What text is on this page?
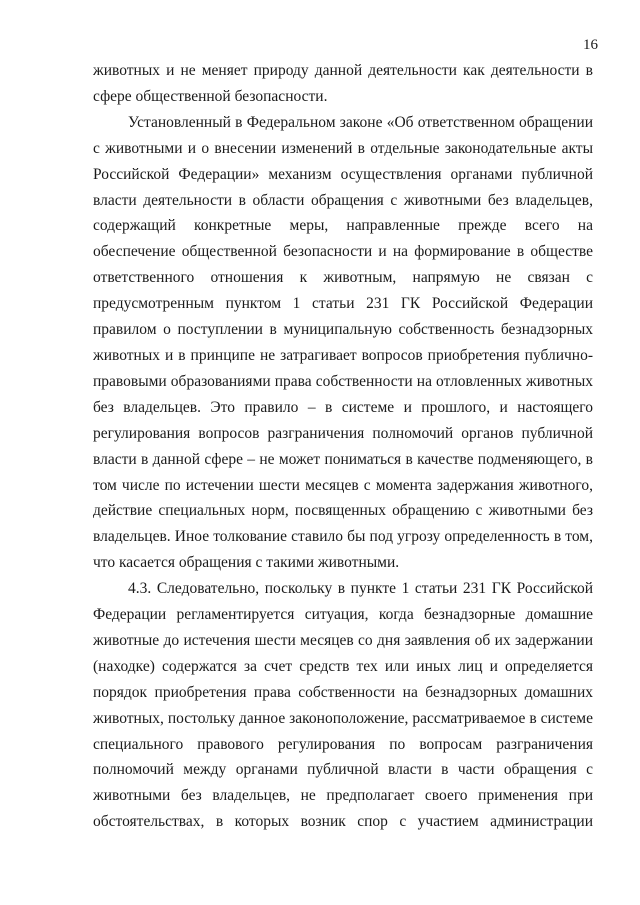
16

животных и не меняет природу данной деятельности как деятельности в сфере общественной безопасности.

Установленный в Федеральном законе «Об ответственном обращении с животными и о внесении изменений в отдельные законодательные акты Российской Федерации» механизм осуществления органами публичной власти деятельности в области обращения с животными без владельцев, содержащий конкретные меры, направленные прежде всего на обеспечение общественной безопасности и на формирование в обществе ответственного отношения к животным, напрямую не связан с предусмотренным пунктом 1 статьи 231 ГК Российской Федерации правилом о поступлении в муниципальную собственность безнадзорных животных и в принципе не затрагивает вопросов приобретения публично-правовыми образованиями права собственности на отловленных животных без владельцев. Это правило – в системе и прошлого, и настоящего регулирования вопросов разграничения полномочий органов публичной власти в данной сфере – не может пониматься в качестве подменяющего, в том числе по истечении шести месяцев с момента задержания животного, действие специальных норм, посвященных обращению с животными без владельцев. Иное толкование ставило бы под угрозу определенность в том, что касается обращения с такими животными.

4.3. Следовательно, поскольку в пункте 1 статьи 231 ГК Российской Федерации регламентируется ситуация, когда безнадзорные домашние животные до истечения шести месяцев со дня заявления об их задержании (находке) содержатся за счет средств тех или иных лиц и определяется порядок приобретения права собственности на безнадзорных домашних животных, постольку данное законоположение, рассматриваемое в системе специального правового регулирования по вопросам разграничения полномочий между органами публичной власти в части обращения с животными без владельцев, не предполагает своего применения при обстоятельствах, в которых возник спор с участием администрации
